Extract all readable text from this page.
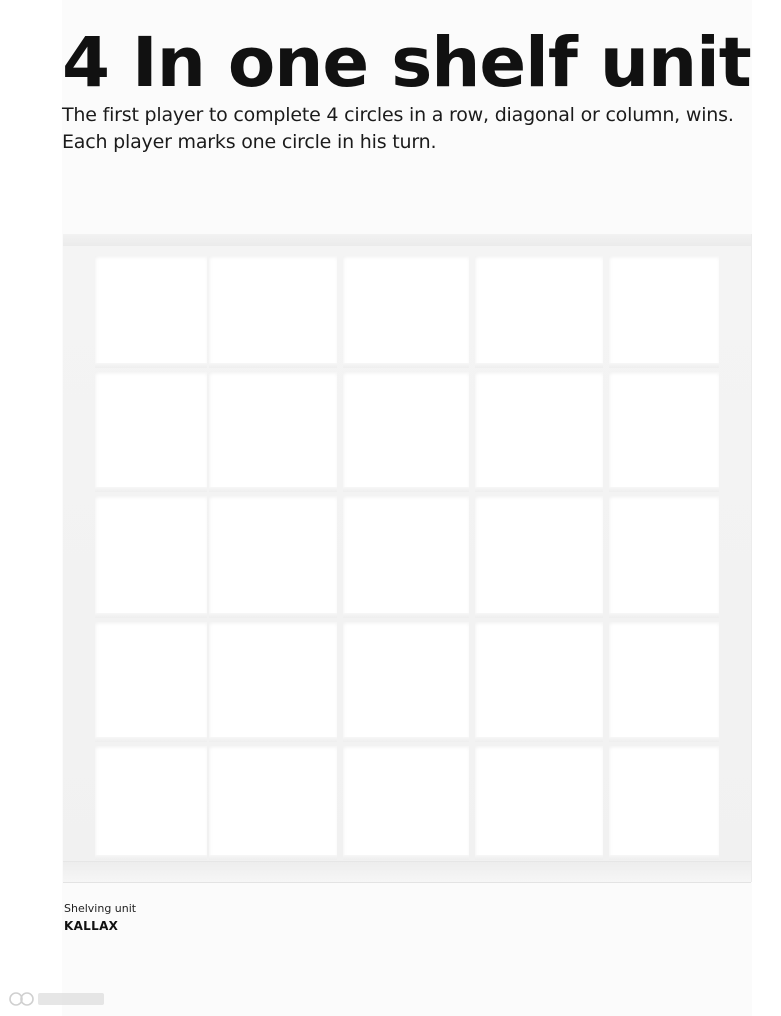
4 In one shelf unit

The first player to complete 4 circles in a row, diagonal or column, wins. Each player marks one circle in his turn.

Shelving unit

KALLAX
